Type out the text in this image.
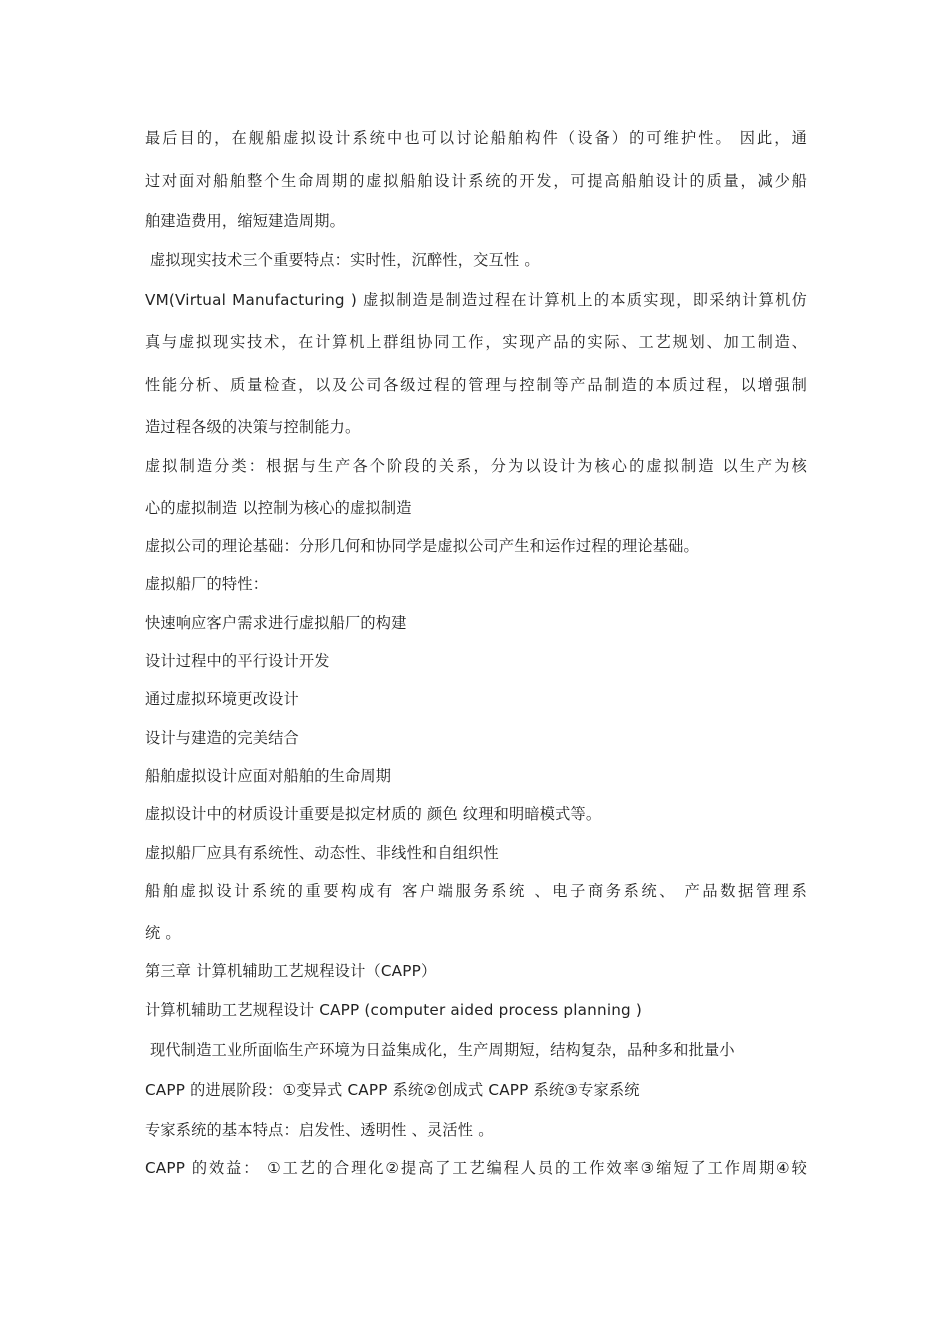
最后目的，在舰船虚拟设计系统中也可以讨论船舶构件（设备）的可维护性。 因此，通
过对面对船舶整个生命周期的虚拟船舶设计系统的开发，可提高船舶设计的质量，减少船
舶建造费用，缩短建造周期。
虚拟现实技术三个重要特点：实时性，沉醉性，交互性 。
VM(Virtual Manufacturing ) 虚拟制造是制造过程在计算机上的本质实现，即采纳计算机仿
真与虚拟现实技术，在计算机上群组协同工作，实现产品的实际、工艺规划、加工制造、
性能分析、质量检查，以及公司各级过程的管理与控制等产品制造的本质过程，以增强制
造过程各级的决策与控制能力。
虚拟制造分类：根据与生产各个阶段的关系，分为以设计为核心的虚拟制造 以生产为核
心的虚拟制造 以控制为核心的虚拟制造
虚拟公司的理论基础：分形几何和协同学是虚拟公司产生和运作过程的理论基础。
虚拟船厂的特性：
快速响应客户需求进行虚拟船厂的构建
设计过程中的平行设计开发
通过虚拟环境更改设计
设计与建造的完美结合
船舶虚拟设计应面对船舶的生命周期
虚拟设计中的材质设计重要是拟定材质的 颜色 纹理和明暗模式等。
虚拟船厂应具有系统性、动态性、非线性和自组织性
船舶虚拟设计系统的重要构成有 客户端服务系统 、电子商务系统、 产品数据管理系
统 。
第三章 计算机辅助工艺规程设计（CAPP）
计算机辅助工艺规程设计 CAPP (computer aided process planning )
现代制造工业所面临生产环境为日益集成化，生产周期短，结构复杂，品种多和批量小
CAPP 的进展阶段：①变异式 CAPP 系统②创成式 CAPP 系统③专家系统
专家系统的基本特点：启发性、透明性 、灵活性 。
CAPP 的效益： ①工艺的合理化②提高了工艺编程人员的工作效率③缩短了工作周期④较
